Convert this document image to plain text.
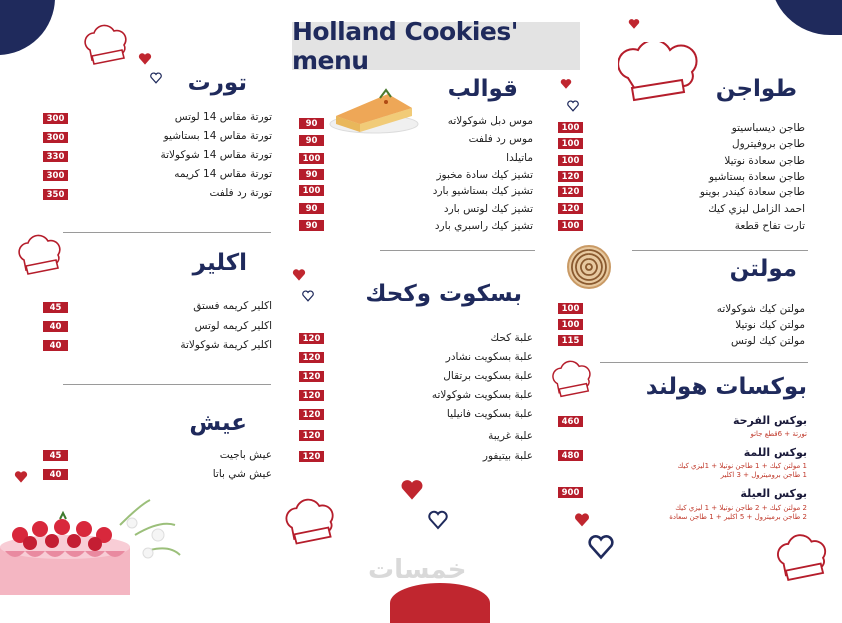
Holland Cookies' menu
طواجن
طاجن ديسباسيتو
طاجن بروفيترول
طاجن سعادة نوتيلا
طاجن سعادة بستاشيو
طاجن سعادة كيندر بوينو
احمد الزامل ليزي كيك
تارت تفاح قطعة
100
100
100
120
120
120
100
مولتن
مولتن كيك شوكولاته
مولتن كيك نوتيلا
مولتن كيك لوتس
100
100
115
بوكسات هولند
بوكس الفرحة
تورتة + 6قطع جاتو
بوكس اللمة
1 مولتن كيك + 1 طاجن نوتيلا + 1ليزي كيك
1 طاجن بروميترول + 3 اكلير
بوكس العيلة
2 مولتن كيك + 2 طاجن نوتيلا + 1 ليزي كيك
2 طاجن برميترول + 5 اكلير + 1 طاجن سعادة
460
480
900
قوالب
موس دبل شوكولاته
موس رد فلفت
ماتيلدا
تشيز كيك سادة مخبوز
تشيز كيك بستاشيو بارد
تشيز كيك لوتس بارد
تشيز كيك راسبري بارد
90
90
100
90
100
90
90
بسكوت وكحك
علبة كحك
علبة بسكويت نشادر
علبة بسكويت برتقال
علبة بسكويت شوكولاته
علبة بسكويت فانيليا
علبة غريبة
علبة بيتيفور
120
120
120
120
120
120
120
تورت
تورتة مقاس 14 لوتس
تورتة مقاس 14 بستاشيو
تورتة مقاس 14 شوكولاتة
تورتة مقاس 14 كريمه
تورتة رد فلفت
300
300
330
300
350
اكلير
اكلير كريمه فستق
اكلير كريمه لوتس
اكلير كريمة شوكولاتة
45
40
40
عيش
عيش باجيت
عيش شي باتا
45
40
خمسات
